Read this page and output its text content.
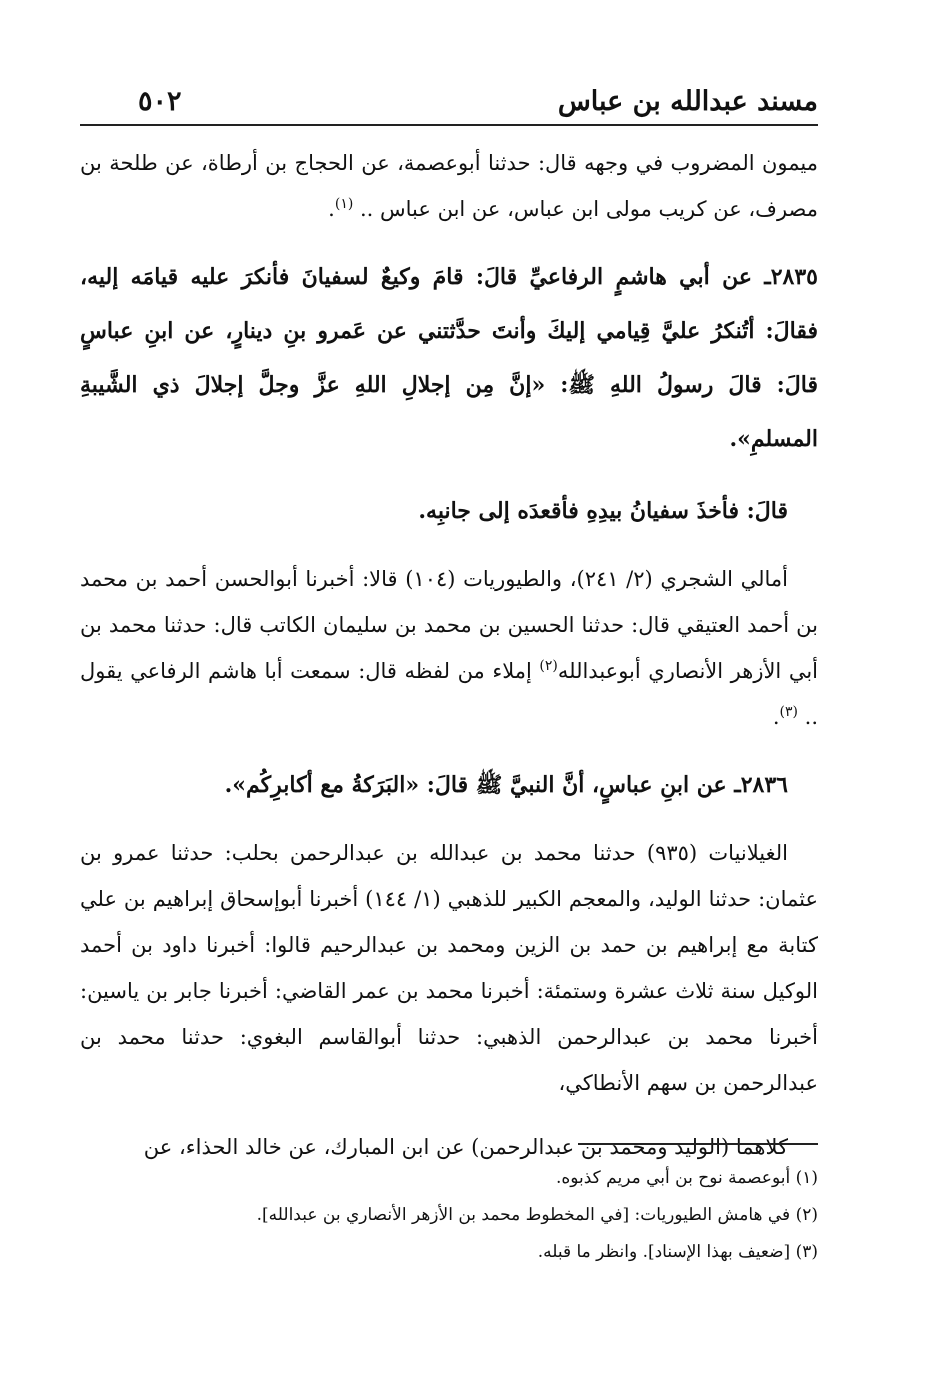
مسند عبدالله بن عباس
٥٠٢

ميمون المضروب في وجهه قال: حدثنا أبوعصمة، عن الحجاج بن أرطاة، عن طلحة بن مصرف، عن كريب مولى ابن عباس، عن ابن عباس .. $^{(١)}$.

٢٨٣٥ـ عن أبي هاشمٍ الرفاعيِّ قالَ: قامَ وكيعٌ لسفيانَ فأنكرَ عليه قيامَه إليه، فقالَ: أتُنكرُ عليَّ قِيامي إليكَ وأنتَ حدَّثتني عن عَمرو بنِ دينارٍ، عن ابنِ عباسٍ قالَ: قالَ رسولُ اللهِ ﷺ: «إنَّ مِن إجلالِ اللهِ عزَّ وجلَّ إجلالَ ذي الشَّيبةِ المسلمِ».

قالَ: فأخذَ سفيانُ بيدِهِ فأقعدَه إلى جانبِه.

أمالي الشجري (٢/ ٢٤١)، والطيوريات (١٠٤) قالا: أخبرنا أبوالحسن أحمد بن محمد بن أحمد العتيقي قال: حدثنا الحسين بن محمد بن سليمان الكاتب قال: حدثنا محمد بن أبي الأزهر الأنصاري أبوعبدالله$^{(٢)}$ إملاء من لفظه قال: سمعت أبا هاشم الرفاعي يقول .. $^{(٣)}$.

٢٨٣٦ـ عن ابنِ عباسٍ، أنَّ النبيَّ ﷺ قالَ: «البَرَكةُ مع أكابرِكُم».

الغيلانيات (٩٣٥) حدثنا محمد بن عبدالله بن عبدالرحمن بحلب: حدثنا عمرو بن عثمان: حدثنا الوليد، والمعجم الكبير للذهبي (١/ ١٤٤) أخبرنا أبوإسحاق إبراهيم بن علي كتابة مع إبراهيم بن حمد بن الزين ومحمد بن عبدالرحيم قالوا: أخبرنا داود بن أحمد الوكيل سنة ثلاث عشرة وستمئة: أخبرنا محمد بن عمر القاضي: أخبرنا جابر بن ياسين: أخبرنا محمد بن عبدالرحمن الذهبي: حدثنا أبوالقاسم البغوي: حدثنا محمد بن عبدالرحمن بن سهم الأنطاكي،

كلاهما (الوليد ومحمد بن عبدالرحمن) عن ابن المبارك، عن خالد الحذاء، عن

(١) أبوعصمة نوح بن أبي مريم كذبوه.

(٢) في هامش الطيوريات: [في المخطوط محمد بن الأزهر الأنصاري بن عبدالله].

(٣) [ضعيف بهذا الإسناد]. وانظر ما قبله.
